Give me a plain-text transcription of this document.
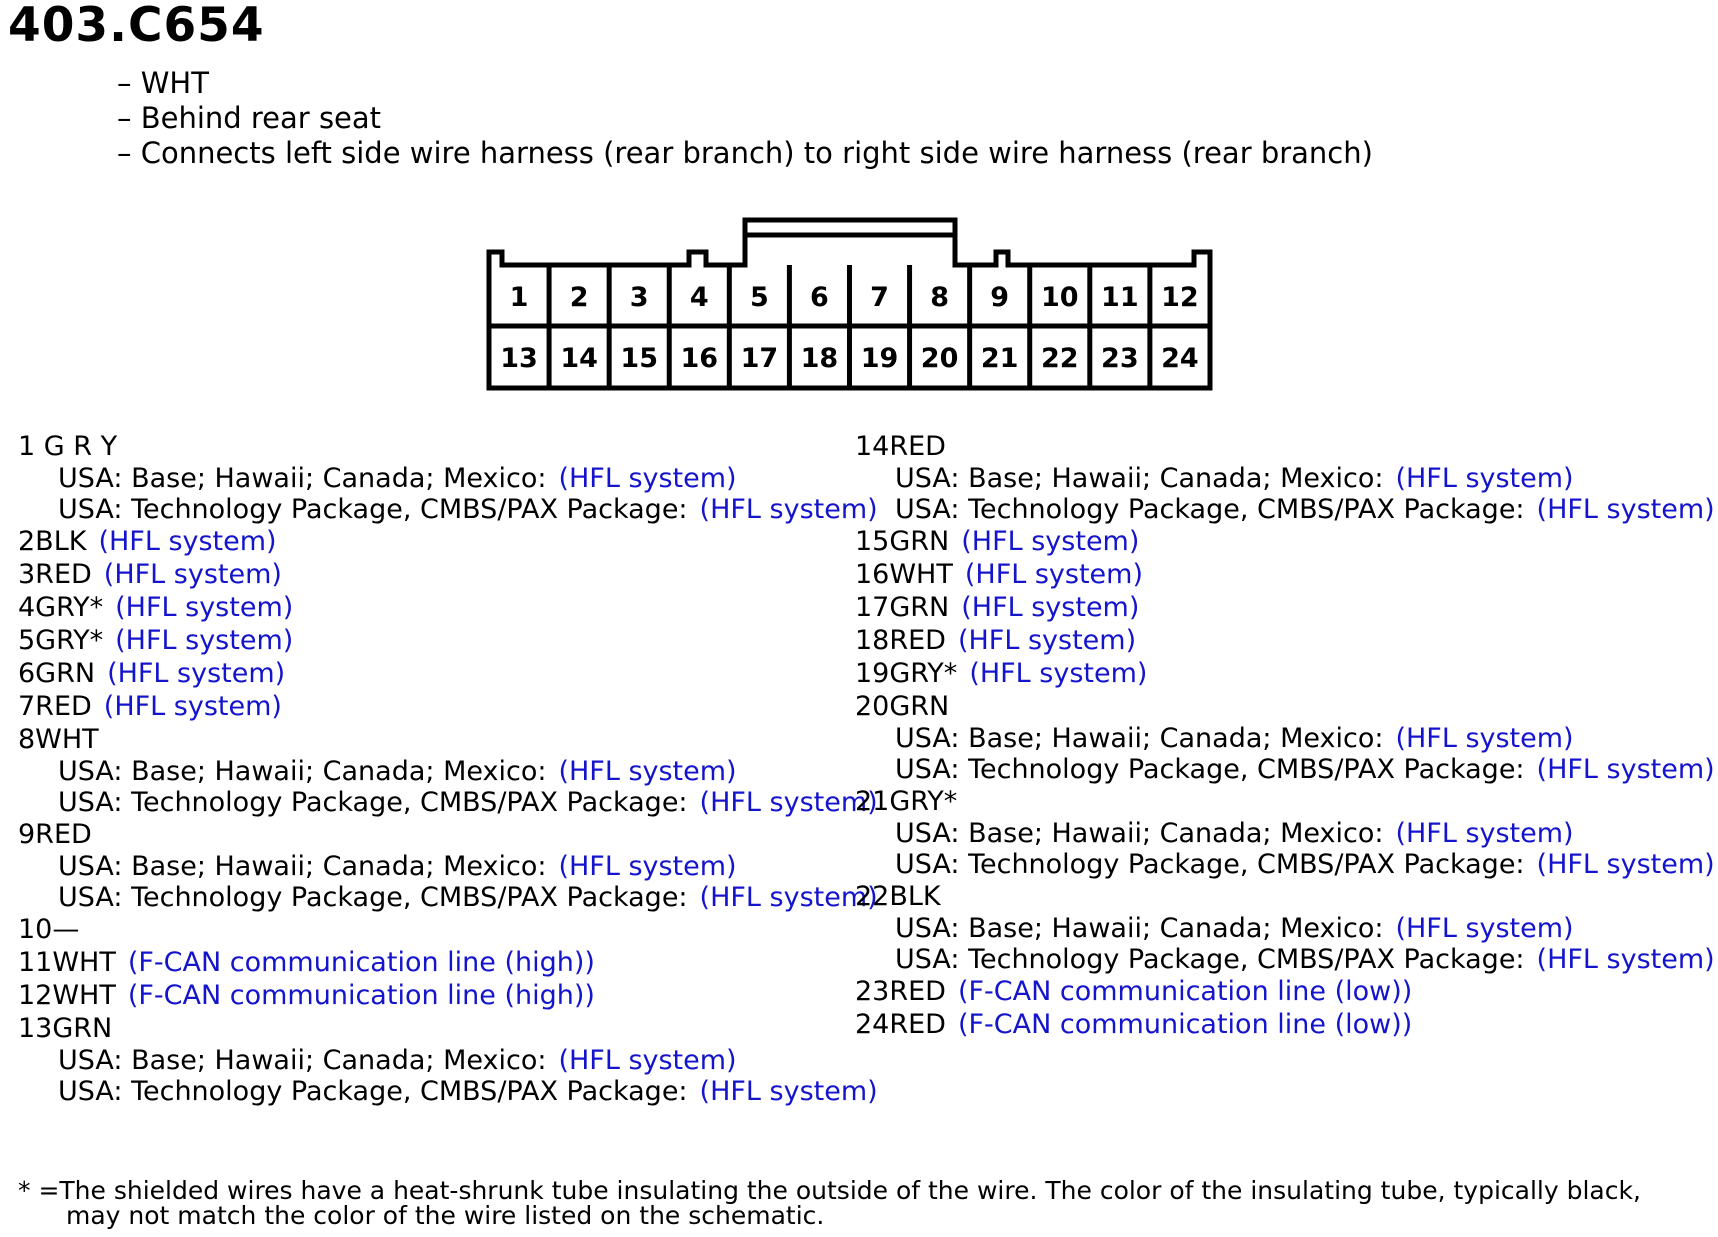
403.C654
– WHT
– Behind rear seat
– Connects left side wire harness (rear branch) to right side wire harness (rear branch)
1 2 3 4 5 6 7 8 9 10 11 12
13 14 15 16 17 18 19 20 21 22 23 24
1 G R Y
USA: Base; Hawaii; Canada; Mexico: (HFL system)
USA: Technology Package, CMBS/PAX Package: (HFL system)
2BLK (HFL system)
3RED (HFL system)
4GRY* (HFL system)
5GRY* (HFL system)
6GRN (HFL system)
7RED (HFL system)
8WHT
USA: Base; Hawaii; Canada; Mexico: (HFL system)
USA: Technology Package, CMBS/PAX Package: (HFL system)
9RED
USA: Base; Hawaii; Canada; Mexico: (HFL system)
USA: Technology Package, CMBS/PAX Package: (HFL system)
10—
11WHT (F-CAN communication line (high))
12WHT (F-CAN communication line (high))
13GRN
USA: Base; Hawaii; Canada; Mexico: (HFL system)
USA: Technology Package, CMBS/PAX Package: (HFL system)
14RED
USA: Base; Hawaii; Canada; Mexico: (HFL system)
USA: Technology Package, CMBS/PAX Package: (HFL system)
15GRN (HFL system)
16WHT (HFL system)
17GRN (HFL system)
18RED (HFL system)
19GRY* (HFL system)
20GRN
USA: Base; Hawaii; Canada; Mexico: (HFL system)
USA: Technology Package, CMBS/PAX Package: (HFL system)
21GRY*
USA: Base; Hawaii; Canada; Mexico: (HFL system)
USA: Technology Package, CMBS/PAX Package: (HFL system)
22BLK
USA: Base; Hawaii; Canada; Mexico: (HFL system)
USA: Technology Package, CMBS/PAX Package: (HFL system)
23RED (F-CAN communication line (low))
24RED (F-CAN communication line (low))
* =The shielded wires have a heat-shrunk tube insulating the outside of the wire. The color of the insulating tube, typically black,
may not match the color of the wire listed on the schematic.
